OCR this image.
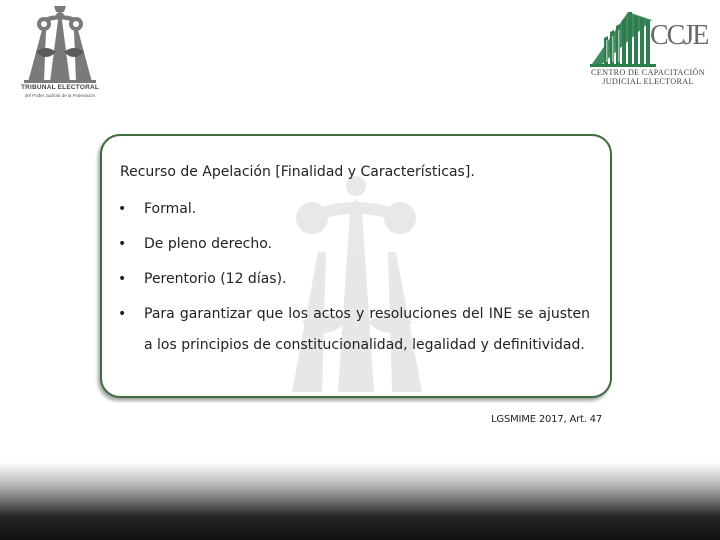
TRIBUNAL ELECTORAL
del Poder Judicial de la Federación
CCJE
CENTRO DE CAPACITACIÓN
JUDICIAL ELECTORAL
Recurso de Apelación [Finalidad y Características].
• Formal.
• De pleno derecho.
• Perentorio (12 días).
• Para garantizar que los actos y resoluciones del INE se ajusten a los principios de constitucionalidad, legalidad y definitividad.
LGSMIME 2017, Art. 47
